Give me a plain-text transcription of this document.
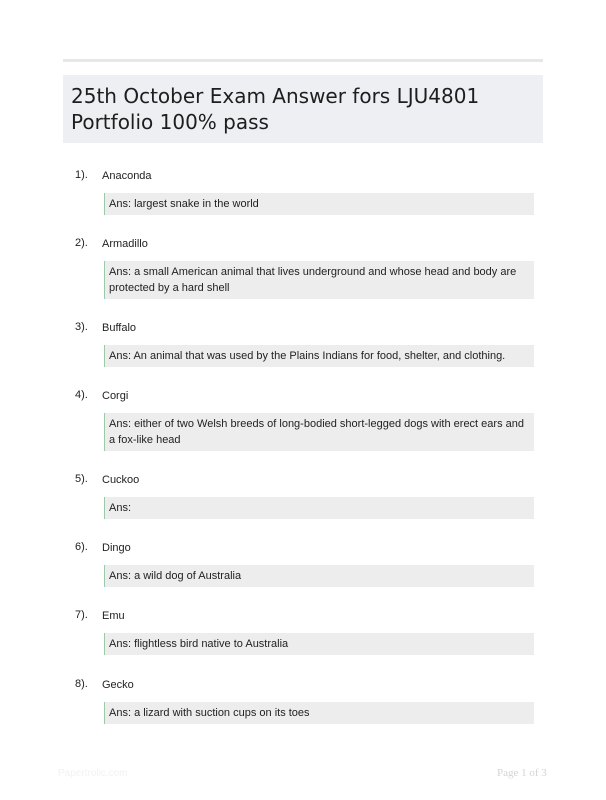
25th October Exam Answer fors LJU4801 Portfolio 100% pass
1). Anaconda
Ans: largest snake in the world
2). Armadillo
Ans: a small American animal that lives underground and whose head and body are protected by a hard shell
3). Buffalo
Ans: An animal that was used by the Plains Indians for food, shelter, and clothing.
4). Corgi
Ans: either of two Welsh breeds of long-bodied short-legged dogs with erect ears and a fox-like head
5). Cuckoo
Ans:
6). Dingo
Ans: a wild dog of Australia
7). Emu
Ans: flightless bird native to Australia
8). Gecko
Ans: a lizard with suction cups on its toes
Papertrolic.com	Page 1 of 3
